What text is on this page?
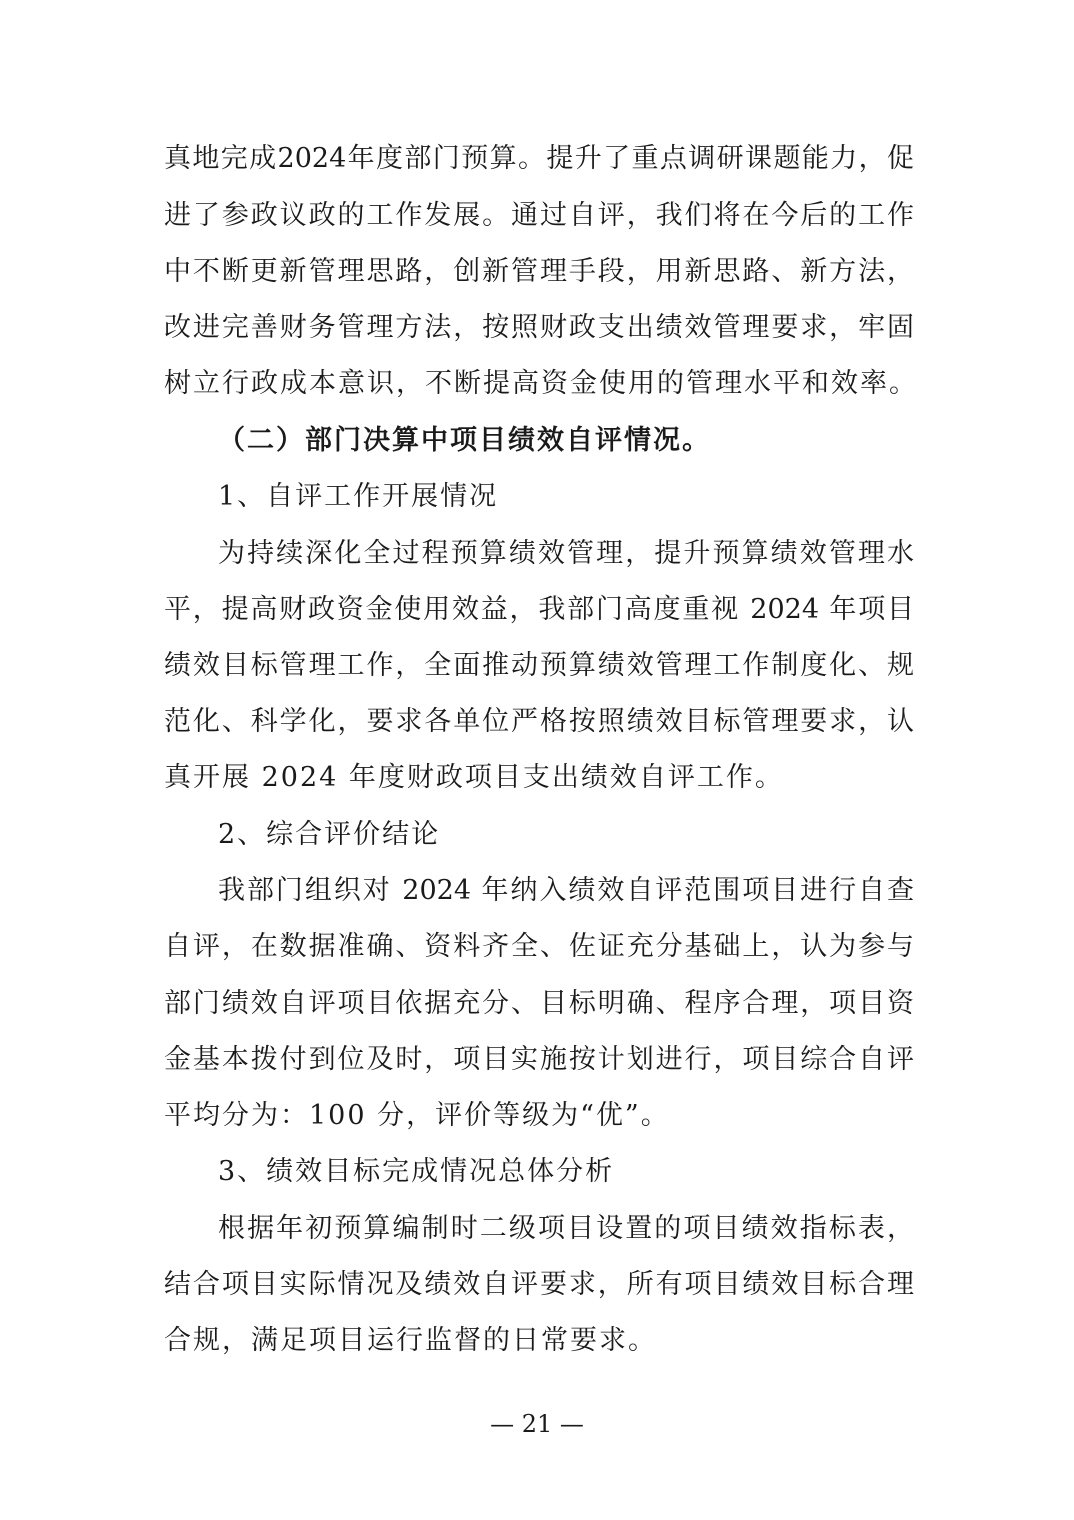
真地完成2024年度部门预算。提升了重点调研课题能力，促
进了参政议政的工作发展。通过自评，我们将在今后的工作
中不断更新管理思路，创新管理手段，用新思路、新方法，
改进完善财务管理方法，按照财政支出绩效管理要求，牢固
树立行政成本意识，不断提高资金使用的管理水平和效率。
（二）部门决算中项目绩效自评情况。
1、自评工作开展情况
为持续深化全过程预算绩效管理，提升预算绩效管理水
平，提高财政资金使用效益，我部门高度重视 2024 年项目
绩效目标管理工作，全面推动预算绩效管理工作制度化、规
范化、科学化，要求各单位严格按照绩效目标管理要求，认
真开展 2024 年度财政项目支出绩效自评工作。
2、综合评价结论
我部门组织对 2024 年纳入绩效自评范围项目进行自查
自评，在数据准确、资料齐全、佐证充分基础上，认为参与
部门绩效自评项目依据充分、目标明确、程序合理，项目资
金基本拨付到位及时，项目实施按计划进行，项目综合自评
平均分为：100 分，评价等级为“优”。
3、绩效目标完成情况总体分析
根据年初预算编制时二级项目设置的项目绩效指标表，
结合项目实际情况及绩效自评要求，所有项目绩效目标合理
合规，满足项目运行监督的日常要求。
— 21 —
